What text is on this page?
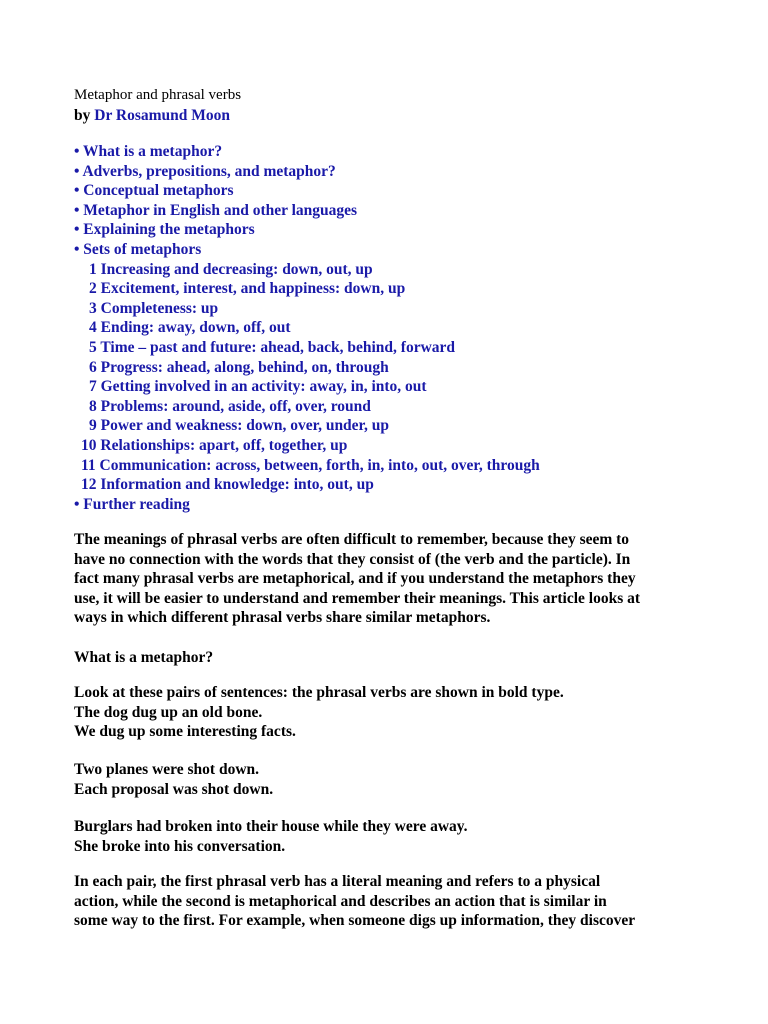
Metaphor and phrasal verbs
by Dr Rosamund Moon
• What is a metaphor?
• Adverbs, prepositions, and metaphor?
• Conceptual metaphors
• Metaphor in English and other languages
• Explaining the metaphors
• Sets of metaphors
1 Increasing and decreasing: down, out, up
2 Excitement, interest, and happiness: down, up
3 Completeness: up
4 Ending: away, down, off, out
5 Time – past and future: ahead, back, behind, forward
6 Progress: ahead, along, behind, on, through
7 Getting involved in an activity: away, in, into, out
8 Problems: around, aside, off, over, round
9 Power and weakness: down, over, under, up
10 Relationships: apart, off, together, up
11 Communication: across, between, forth, in, into, out, over, through
12 Information and knowledge: into, out, up
• Further reading

The meanings of phrasal verbs are often difficult to remember, because they seem to
have no connection with the words that they consist of (the verb and the particle). In
fact many phrasal verbs are metaphorical, and if you understand the metaphors they
use, it will be easier to understand and remember their meanings. This article looks at
ways in which different phrasal verbs share similar metaphors.

What is a metaphor?

Look at these pairs of sentences: the phrasal verbs are shown in bold type.
The dog dug up an old bone.
We dug up some interesting facts.

Two planes were shot down.
Each proposal was shot down.

Burglars had broken into their house while they were away.
She broke into his conversation.

In each pair, the first phrasal verb has a literal meaning and refers to a physical
action, while the second is metaphorical and describes an action that is similar in
some way to the first. For example, when someone digs up information, they discover
